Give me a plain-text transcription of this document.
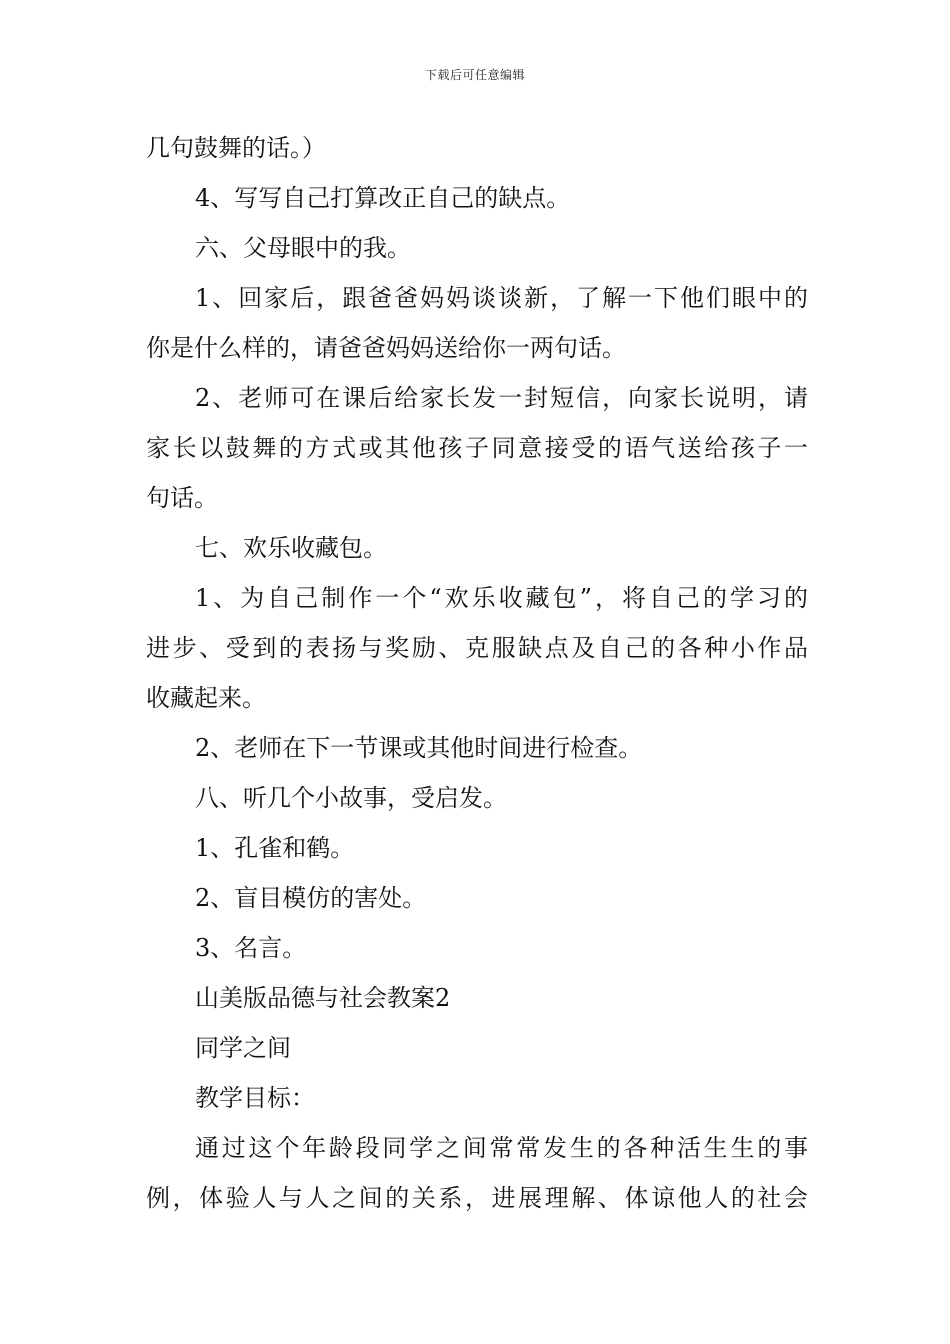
下载后可任意编辑
几句鼓舞的话。）
4、写写自己打算改正自己的缺点。
六、父母眼中的我。
1、回家后，跟爸爸妈妈谈谈新，了解一下他们眼中的
你是什么样的，请爸爸妈妈送给你一两句话。
2、老师可在课后给家长发一封短信，向家长说明，请
家长以鼓舞的方式或其他孩子同意接受的语气送给孩子一
句话。
七、欢乐收藏包。
1、为自己制作一个“欢乐收藏包”，将自己的学习的
进步、受到的表扬与奖励、克服缺点及自己的各种小作品
收藏起来。
2、老师在下一节课或其他时间进行检查。
八、听几个小故事，受启发。
1、孔雀和鹤。
2、盲目模仿的害处。
3、名言。
山美版品德与社会教案2
同学之间
教学目标：
通过这个年龄段同学之间常常发生的各种活生生的事
例，体验人与人之间的关系，进展理解、体谅他人的社会
